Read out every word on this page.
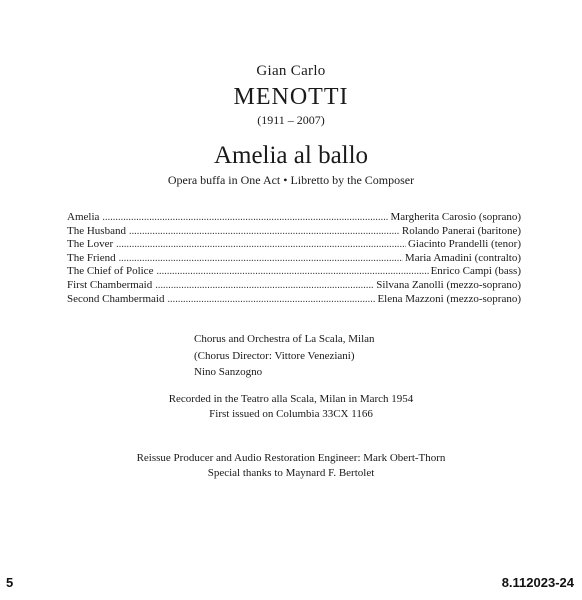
Gian Carlo
MENOTTI
(1911 – 2007)
Amelia al ballo
Opera buffa in One Act • Libretto by the Composer
Amelia . . .	Margherita Carosio (soprano)
The Husband . . .	Rolando Panerai (baritone)
The Lover . . .	Giacinto Prandelli (tenor)
The Friend . . .	Maria Amadini (contralto)
The Chief of Police . . .	Enrico Campi (bass)
First Chambermaid . . .	Silvana Zanolli (mezzo-soprano)
Second Chambermaid . . .	Elena Mazzoni (mezzo-soprano)
Chorus and Orchestra of La Scala, Milan
(Chorus Director: Vittore Veneziani)
Nino Sanzogno
Recorded in the Teatro alla Scala, Milan in March 1954
First issued on Columbia 33CX 1166
Reissue Producer and Audio Restoration Engineer: Mark Obert-Thorn
Special thanks to Maynard F. Bertolet
5	8.112023-24
